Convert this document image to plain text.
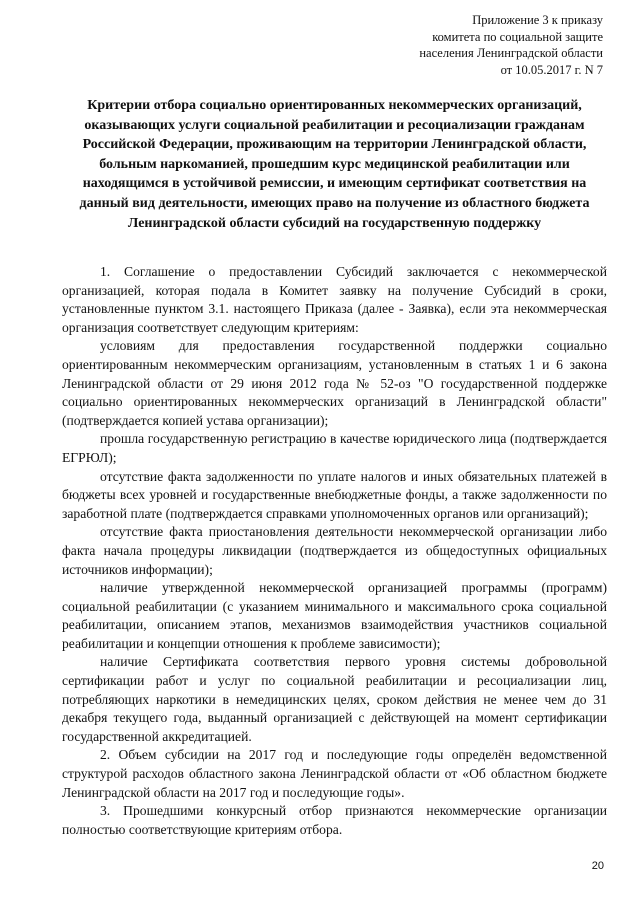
Приложение 3 к приказу
комитета по социальной защите
населения Ленинградской области
от 10.05.2017 г. N 7
Критерии отбора социально ориентированных некоммерческих организаций, оказывающих услуги социальной реабилитации и ресоциализации гражданам Российской Федерации, проживающим на территории Ленинградской области, больным наркоманией, прошедшим курс медицинской реабилитации или находящимся в устойчивой ремиссии, и имеющим сертификат соответствия на данный вид деятельности, имеющих право на получение из областного бюджета Ленинградской области субсидий на государственную поддержку

1. Соглашение о предоставлении Субсидий заключается с некоммерческой организацией, которая подала в Комитет заявку на получение Субсидий в сроки, установленные пунктом 3.1. настоящего Приказа (далее - Заявка), если эта некоммерческая организация соответствует следующим критериям:

условиям для предоставления государственной поддержки социально ориентированным некоммерческим организациям, установленным в статьях 1 и 6 закона Ленинградской области от 29 июня 2012 года № 52-оз "О государственной поддержке социально ориентированных некоммерческих организаций в Ленинградской области" (подтверждается копией устава организации);

прошла государственную регистрацию в качестве юридического лица (подтверждается ЕГРЮЛ);

отсутствие факта задолженности по уплате налогов и иных обязательных платежей в бюджеты всех уровней и государственные внебюджетные фонды, а также задолженности по заработной плате (подтверждается справками уполномоченных органов или организаций);

отсутствие факта приостановления деятельности некоммерческой организации либо факта начала процедуры ликвидации (подтверждается из общедоступных официальных источников информации);

наличие утвержденной некоммерческой организацией программы (программ) социальной реабилитации (с указанием минимального и максимального срока социальной реабилитации, описанием этапов, механизмов взаимодействия участников социальной реабилитации и концепции отношения к проблеме зависимости);

наличие Сертификата соответствия первого уровня системы добровольной сертификации работ и услуг по социальной реабилитации и ресоциализации лиц, потребляющих наркотики в немедицинских целях, сроком действия не менее чем до 31 декабря текущего года, выданный организацией с действующей на момент сертификации государственной аккредитацией.

2. Объем субсидии на 2017 год и последующие годы определён ведомственной структурой расходов областного закона Ленинградской области от «Об областном бюджете Ленинградской области на 2017 год и последующие годы».

3. Прошедшими конкурсный отбор признаются некоммерческие организации полностью соответствующие критериям отбора.

20
